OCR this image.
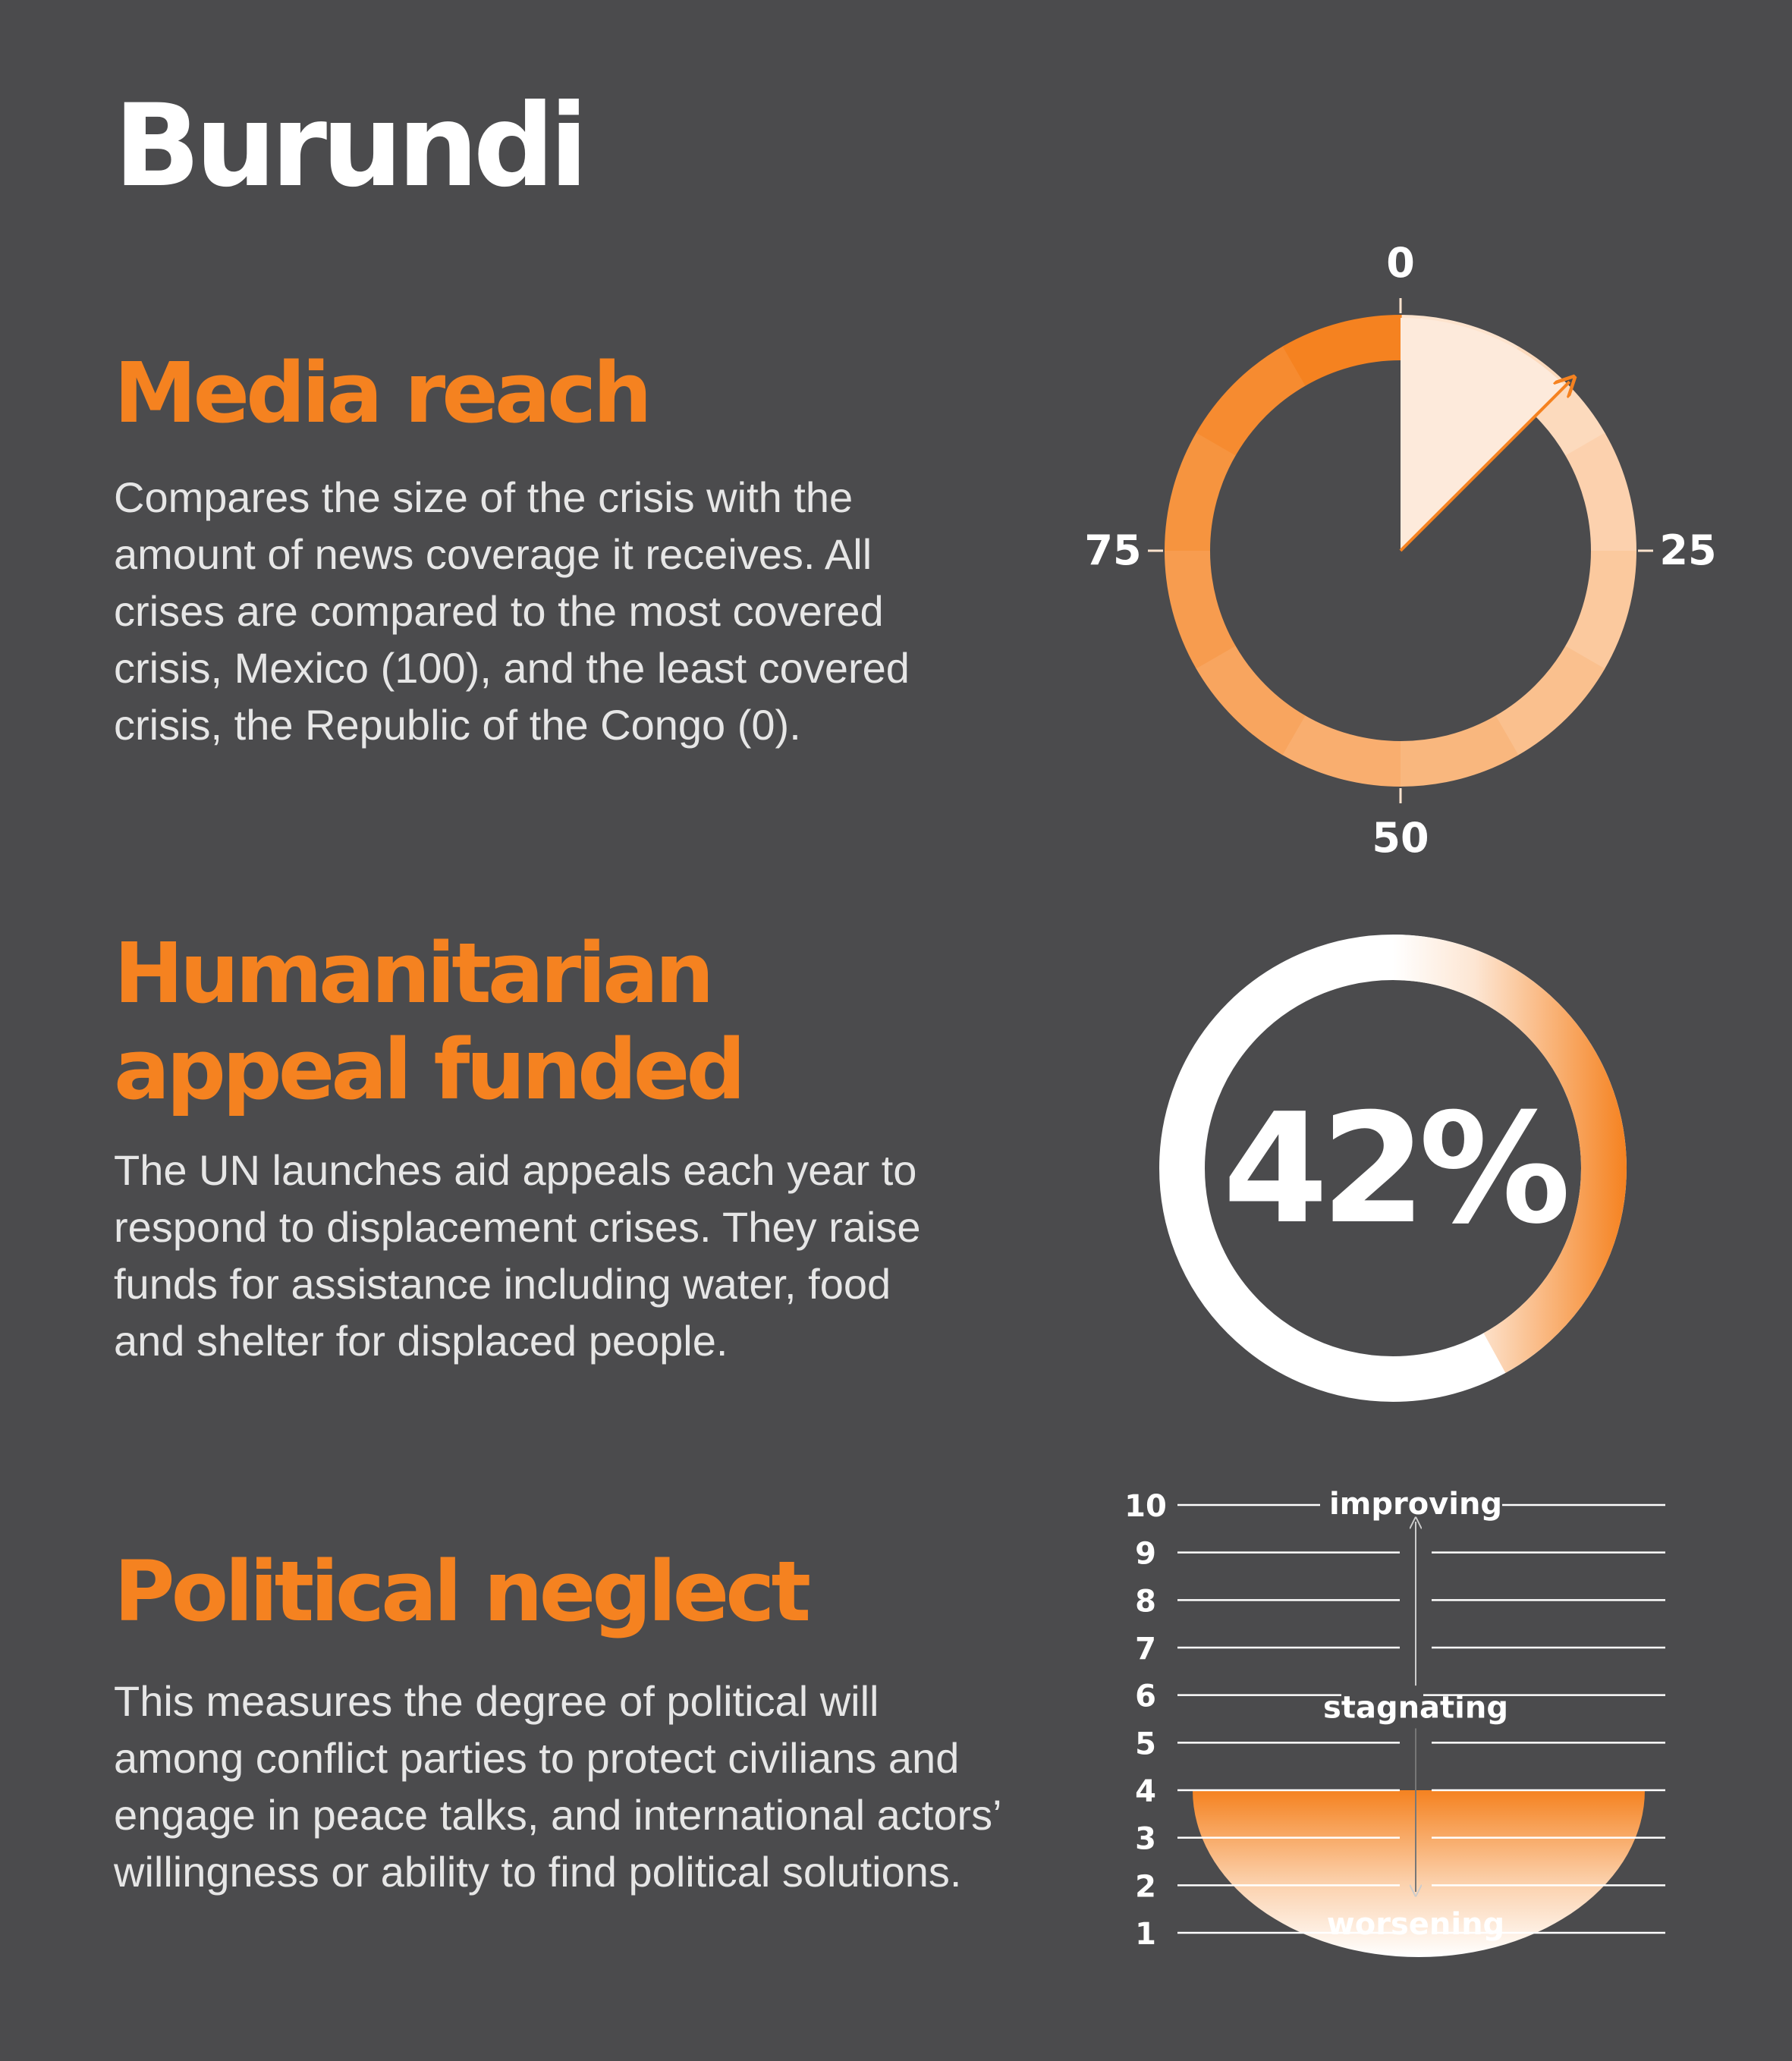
Burundi
Media reach
Compares the size of the crisis with the
amount of news coverage it receives. All
crises are compared to the most covered
crisis, Mexico (100), and the least covered
crisis, the Republic of the Congo (0).
Humanitarian
appeal funded
The UN launches aid appeals each year to
respond to displacement crises. They raise
funds for assistance including water, food
and shelter for displaced people.
Political neglect
This measures the degree of political will
among conflict parties to protect civilians and
engage in peace talks, and international actors’
willingness or ability to find political solutions.
0
25
50
75
42%
1
2
3
4
5
6
7
8
9
10	improving
stagnating
worsening
